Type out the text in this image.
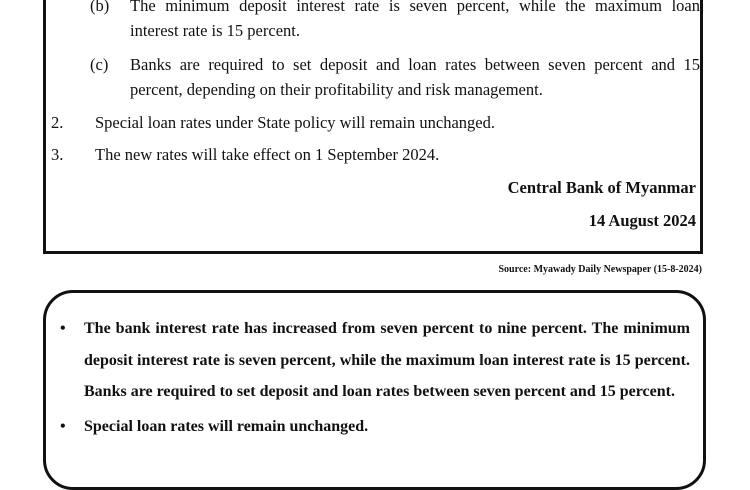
(b) The minimum deposit interest rate is seven percent, while the maximum loan
interest rate is 15 percent.
(c) Banks are required to set deposit and loan rates between seven percent and 15
percent, depending on their profitability and risk management.
2. Special loan rates under State policy will remain unchanged.
3. The new rates will take effect on 1 September 2024.
Central Bank of Myanmar
14 August 2024
Source: Myawady Daily Newspaper (15-8-2024)
• The bank interest rate has increased from seven percent to nine percent. The minimum deposit interest rate is seven percent, while the maximum loan interest rate is 15 percent. Banks are required to set deposit and loan rates between seven percent and 15 percent.
• Special loan rates will remain unchanged.
